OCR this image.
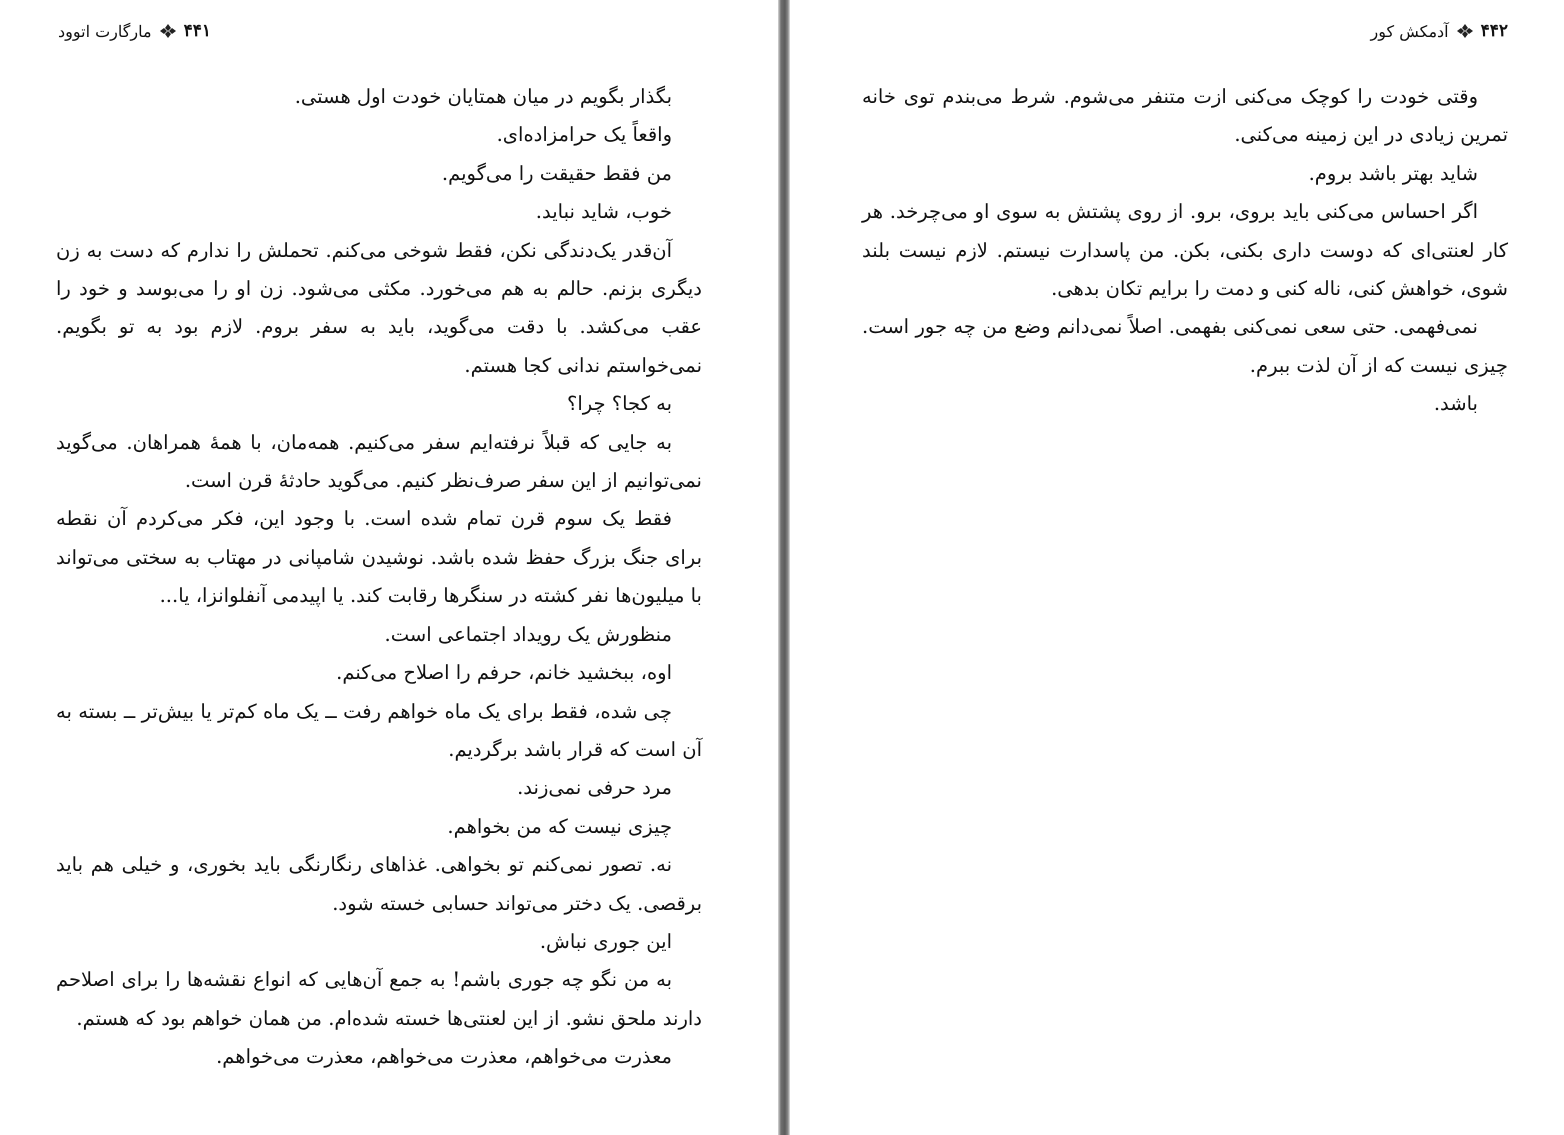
۴۴۱
مارگارت اتوود

بگذار بگویم در میان همتایان خودت اول هستی.

واقعاً یک حرامزاده‌ای.

من فقط حقیقت را می‌گویم.

خوب، شاید نباید.

آن‌قدر یک‌دندگی نکن، فقط شوخی می‌کنم. تحملش را ندارم که دست به زن دیگری بزنم. حالم به هم می‌خورد. مکثی می‌شود. زن او را می‌بوسد و خود را عقب می‌کشد. با دقت می‌گوید، باید به سفر بروم. لازم بود به تو بگویم. نمی‌خواستم ندانی کجا هستم.

به کجا؟ چرا؟

به جایی که قبلاً نرفته‌ایم سفر می‌کنیم. همه‌مان، با همهٔ همراهان. می‌گوید نمی‌توانیم از این سفر صرف‌نظر کنیم. می‌گوید حادثهٔ قرن است.

فقط یک سوم قرن تمام شده است. با وجود این، فکر می‌کردم آن نقطه برای جنگ بزرگ حفظ شده باشد. نوشیدن شامپانی در مهتاب به سختی می‌تواند با میلیون‌ها نفر کشته در سنگرها رقابت کند. یا اپیدمی آنفلوانزا، یا...

منظورش یک رویداد اجتماعی است.

اوه، ببخشید خانم، حرفم را اصلاح می‌کنم.

چی شده، فقط برای یک ماه خواهم رفت ــ یک ماه کم‌تر یا بیش‌تر ــ بسته به آن است که قرار باشد برگردیم.

مرد حرفی نمی‌زند.

چیزی نیست که من بخواهم.

نه. تصور نمی‌کنم تو بخواهی. غذاهای رنگارنگی باید بخوری، و خیلی هم باید برقصی. یک دختر می‌تواند حسابی خسته شود.

این جوری نباش.

به من نگو چه جوری باشم! به جمع آن‌هایی که انواع نقشه‌ها را برای اصلاحم دارند ملحق نشو. از این لعنتی‌ها خسته شده‌ام. من همان خواهم بود که هستم.

معذرت می‌خواهم، معذرت می‌خواهم، معذرت می‌خواهم.

۴۴۲
آدمکش کور

وقتی خودت را کوچک می‌کنی ازت متنفر می‌شوم. شرط می‌بندم توی خانه تمرین زیادی در این زمینه می‌کنی.

شاید بهتر باشد بروم.

اگر احساس می‌کنی باید بروی، برو. از روی پشتش به سوی او می‌چرخد. هر کار لعنتی‌ای که دوست داری بکنی، بکن. من پاسدارت نیستم. لازم نیست بلند شوی، خواهش کنی، ناله کنی و دمت را برایم تکان بدهی.

نمی‌فهمی. حتی سعی نمی‌کنی بفهمی. اصلاً نمی‌دانم وضع من چه جور است. چیزی نیست که از آن لذت ببرم.

باشد.
